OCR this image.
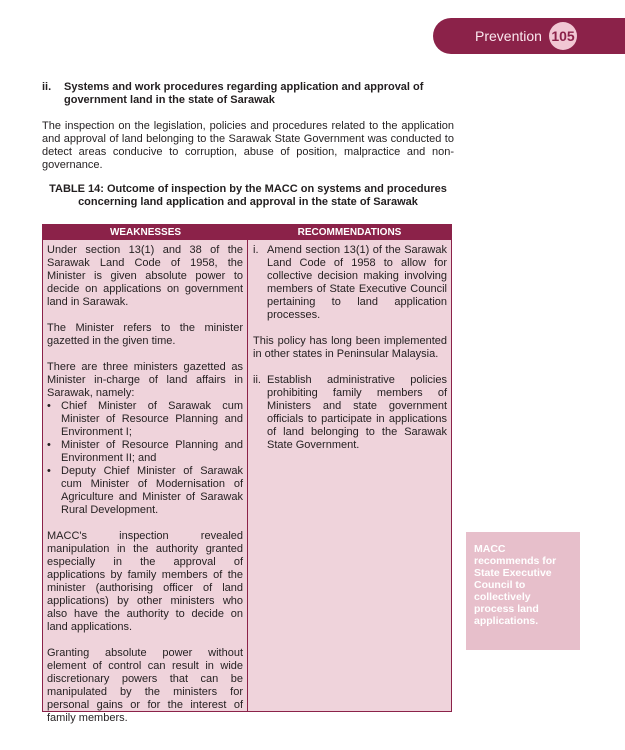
Prevention 105
ii.	Systems and work procedures regarding application and approval of government land in the state of Sarawak
The inspection on the legislation, policies and procedures related to the application and approval of land belonging to the Sarawak State Government was conducted to detect areas conducive to corruption, abuse of position, malpractice and non-governance.
TABLE 14: Outcome of inspection by the MACC on systems and procedures concerning land application and approval in the state of Sarawak
WEAKNESSES	RECOMMENDATIONS

Under section 13(1) and 38 of the Sarawak Land Code of 1958, the Minister is given absolute power to decide on applications on government land in Sarawak.

The Minister refers to the minister gazetted in the given time.

There are three ministers gazetted as Minister in-charge of land affairs in Sarawak, namely:

• Chief Minister of Sarawak cum Minister of Resource Planning and Environment I;
• Minister of Resource Planning and Environment II; and
• Deputy Chief Minister of Sarawak cum Minister of Modernisation of Agriculture and Minister of Sarawak Rural Development.

MACC's inspection revealed manipulation in the authority granted especially in the approval of applications by family members of the minister (authorising officer of land applications) by other ministers who also have the authority to decide on land applications.

Granting absolute power without element of control can result in wide discretionary powers that can be manipulated by the ministers for personal gains or for the interest of family members.

i. Amend section 13(1) of the Sarawak Land Code of 1958 to allow for collective decision making involving members of State Executive Council pertaining to land application processes.

This policy has long been implemented in other states in Peninsular Malaysia.

ii. Establish administrative policies prohibiting family members of Ministers and state government officials to participate in applications of land belonging to the Sarawak State Government.
MACC recommends for State Executive Council to collectively process land applications.
